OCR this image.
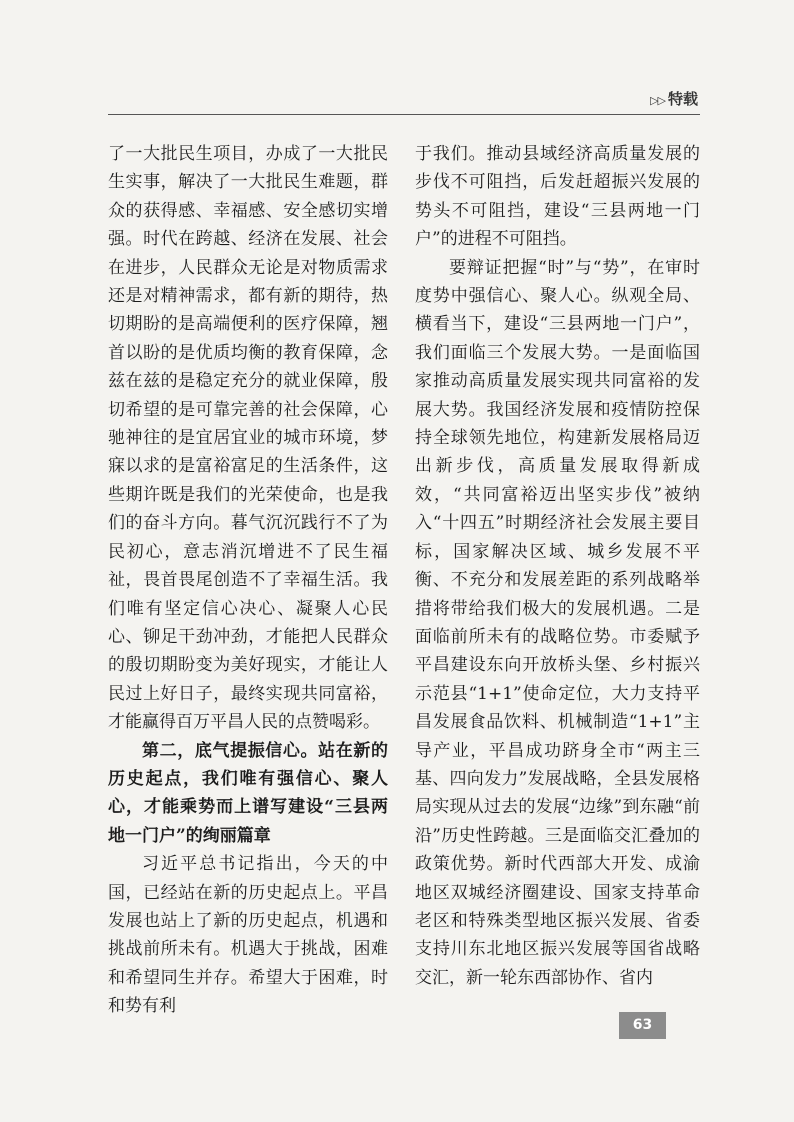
▷▷ 特载

了一大批民生项目，办成了一大批民生实事，解决了一大批民生难题，群众的获得感、幸福感、安全感切实增强。时代在跨越、经济在发展、社会在进步，人民群众无论是对物质需求还是对精神需求，都有新的期待，热切期盼的是高端便利的医疗保障，翘首以盼的是优质均衡的教育保障，念兹在兹的是稳定充分的就业保障，殷切希望的是可靠完善的社会保障，心驰神往的是宜居宜业的城市环境，梦寐以求的是富裕富足的生活条件，这些期许既是我们的光荣使命，也是我们的奋斗方向。暮气沉沉践行不了为民初心，意志消沉增进不了民生福祉，畏首畏尾创造不了幸福生活。我们唯有坚定信心决心、凝聚人心民心、铆足干劲冲劲，才能把人民群众的殷切期盼变为美好现实，才能让人民过上好日子，最终实现共同富裕，才能赢得百万平昌人民的点赞喝彩。

第二，底气提振信心。站在新的历史起点，我们唯有强信心、聚人心，才能乘势而上谱写建设“三县两地一门户”的绚丽篇章

习近平总书记指出，今天的中国，已经站在新的历史起点上。平昌发展也站上了新的历史起点，机遇和挑战前所未有。机遇大于挑战，困难和希望同生并存。希望大于困难，时和势有利

于我们。推动县域经济高质量发展的步伐不可阻挡，后发赶超振兴发展的势头不可阻挡，建设“三县两地一门户”的进程不可阻挡。

要辩证把握“时”与“势”，在审时度势中强信心、聚人心。纵观全局、横看当下，建设“三县两地一门户”，我们面临三个发展大势。一是面临国家推动高质量发展实现共同富裕的发展大势。我国经济发展和疫情防控保持全球领先地位，构建新发展格局迈出新步伐，高质量发展取得新成效，“共同富裕迈出坚实步伐”被纳入“十四五”时期经济社会发展主要目标，国家解决区域、城乡发展不平衡、不充分和发展差距的系列战略举措将带给我们极大的发展机遇。二是面临前所未有的战略位势。市委赋予平昌建设东向开放桥头堡、乡村振兴示范县“1+1”使命定位，大力支持平昌发展食品饮料、机械制造“1+1”主导产业，平昌成功跻身全市“两主三基、四向发力”发展战略，全县发展格局实现从过去的发展“边缘”到东融“前沿”历史性跨越。三是面临交汇叠加的政策优势。新时代西部大开发、成渝地区双城经济圈建设、国家支持革命老区和特殊类型地区振兴发展、省委支持川东北地区振兴发展等国省战略交汇，新一轮东西部协作、省内

63
